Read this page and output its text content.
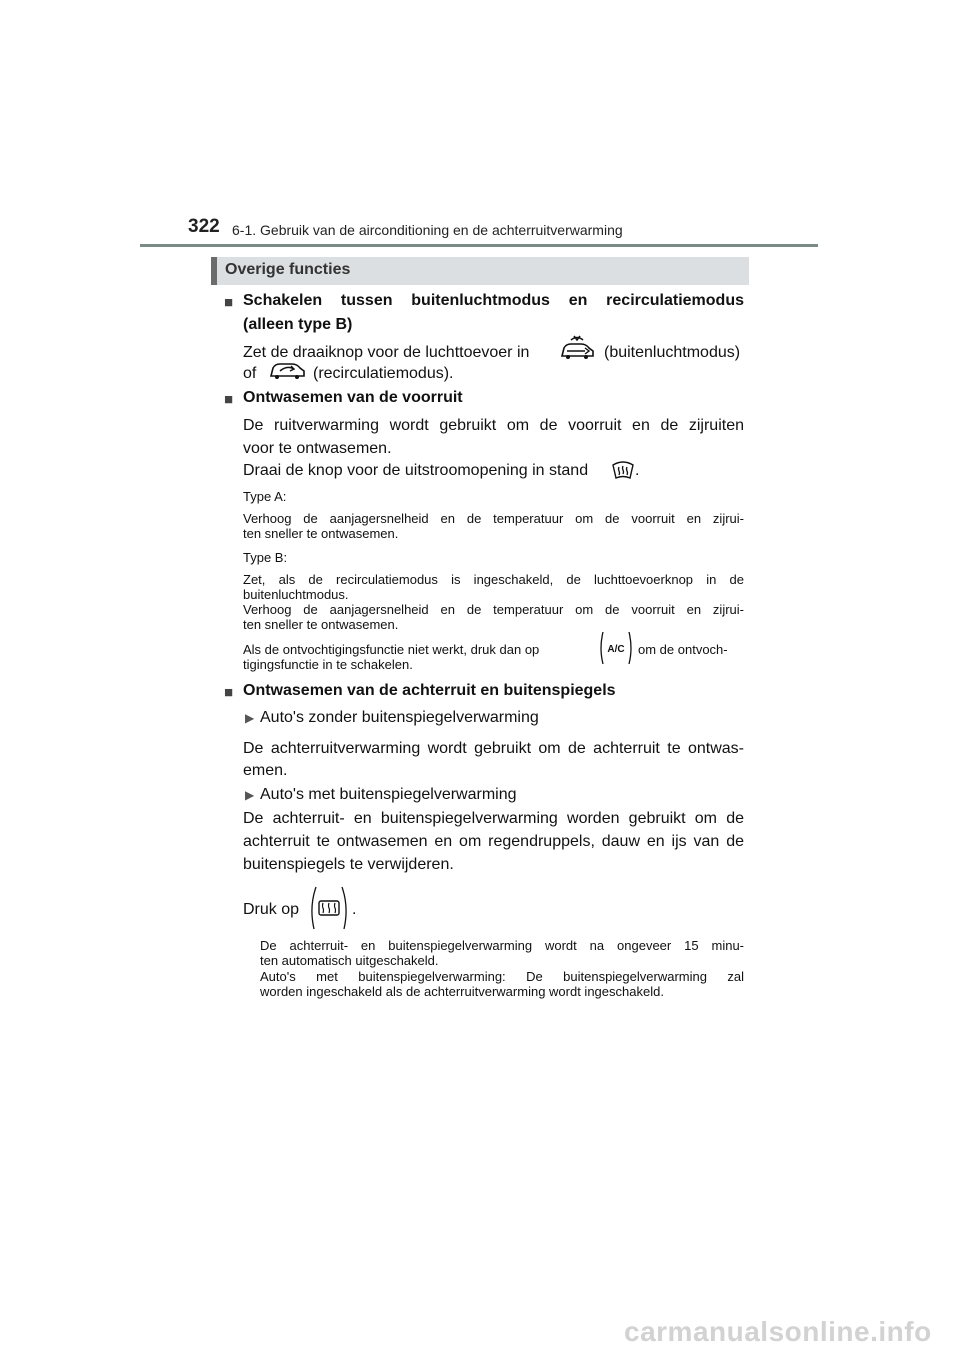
322 6-1. Gebruik van de airconditioning en de achterruitverwarming
Overige functies
■ Schakelen tussen buitenluchtmodus en recirculatiemodus
(alleen type B)
Zet de draaiknop voor de luchttoevoer in	(buitenluchtmodus)
of	(recirculatiemodus).
■ Ontwasemen van de voorruit
De ruitverwarming wordt gebruikt om de voorruit en de zijruiten
voor te ontwasemen.
Draai de knop voor de uitstroomopening in stand	.
Type A:
Verhoog de aanjagersnelheid en de temperatuur om de voorruit en zijrui-
ten sneller te ontwasemen.
Type B:
Zet, als de recirculatiemodus is ingeschakeld, de luchttoevoerknop in de
buitenluchtmodus.
Verhoog de aanjagersnelheid en de temperatuur om de voorruit en zijrui-
ten sneller te ontwasemen.
Als de ontvochtigingsfunctie niet werkt, druk dan op	A/C om de ontvoch-
tigingsfunctie in te schakelen.
■ Ontwasemen van de achterruit en buitenspiegels
▶ Auto's zonder buitenspiegelverwarming
De achterruitverwarming wordt gebruikt om de achterruit te ontwas-
emen.
▶ Auto's met buitenspiegelverwarming
De achterruit- en buitenspiegelverwarming worden gebruikt om de
achterruit te ontwasemen en om regendruppels, dauw en ijs van de
buitenspiegels te verwijderen.
Druk op	.
De achterruit- en buitenspiegelverwarming wordt na ongeveer 15 minu-
ten automatisch uitgeschakeld.
Auto's met buitenspiegelverwarming: De buitenspiegelverwarming zal
worden ingeschakeld als de achterruitverwarming wordt ingeschakeld.
carmanualsonline.info
